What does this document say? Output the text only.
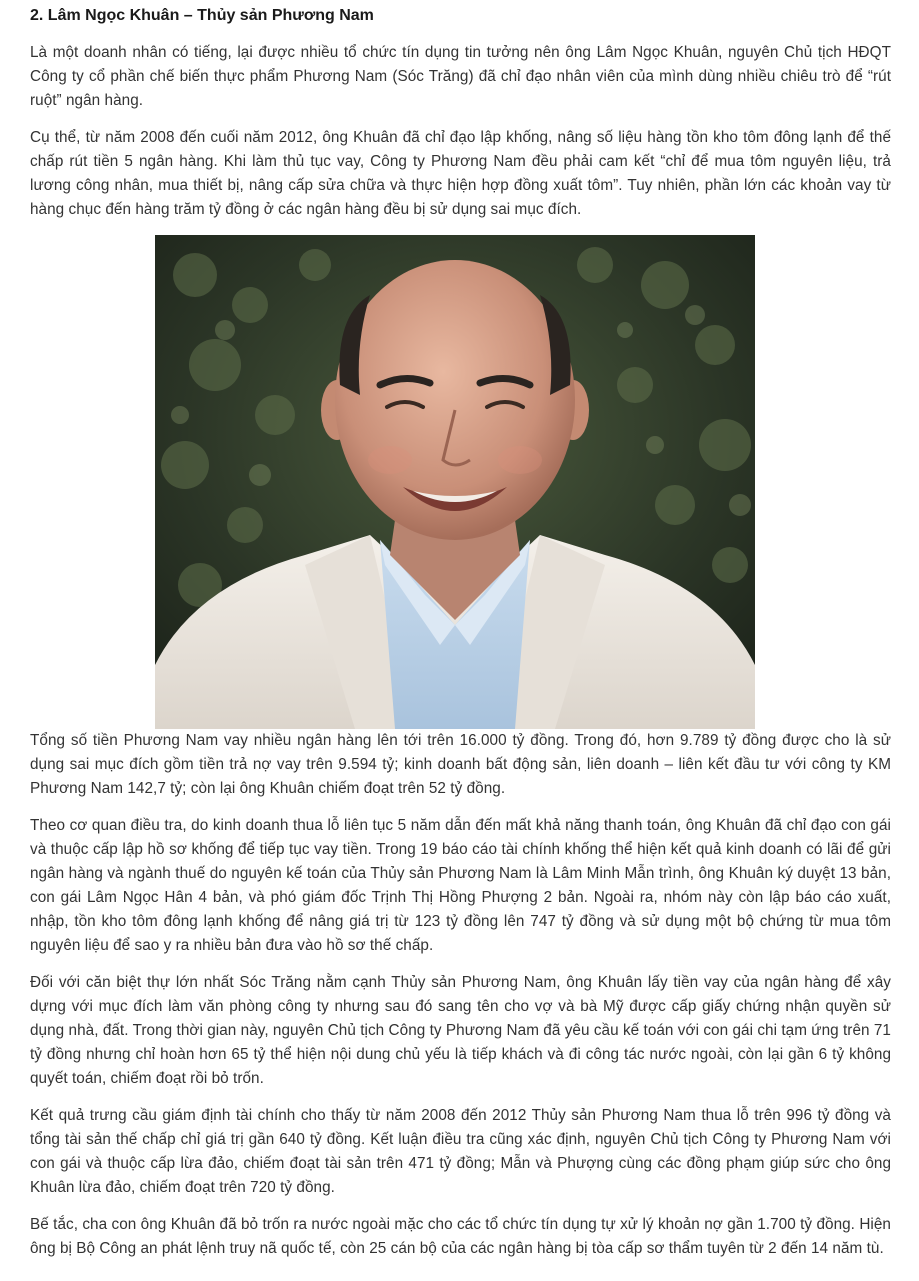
2. Lâm Ngọc Khuân – Thủy sản Phương Nam

Là một doanh nhân có tiếng, lại được nhiều tổ chức tín dụng tin tưởng nên ông Lâm Ngọc Khuân, nguyên Chủ tịch HĐQT Công ty cổ phần chế biến thực phẩm Phương Nam (Sóc Trăng) đã chỉ đạo nhân viên của mình dùng nhiều chiêu trò để “rút ruột” ngân hàng.

Cụ thể, từ năm 2008 đến cuối năm 2012, ông Khuân đã chỉ đạo lập khống, nâng số liệu hàng tồn kho tôm đông lạnh để thế chấp rút tiền 5 ngân hàng. Khi làm thủ tục vay, Công ty Phương Nam đều phải cam kết “chỉ để mua tôm nguyên liệu, trả lương công nhân, mua thiết bị, nâng cấp sửa chữa và thực hiện hợp đồng xuất tôm”. Tuy nhiên, phần lớn các khoản vay từ hàng chục đến hàng trăm tỷ đồng ở các ngân hàng đều bị sử dụng sai mục đích.

Tổng số tiền Phương Nam vay nhiều ngân hàng lên tới trên 16.000 tỷ đồng. Trong đó, hơn 9.789 tỷ đồng được cho là sử dụng sai mục đích gồm tiền trả nợ vay trên 9.594 tỷ; kinh doanh bất động sản, liên doanh – liên kết đầu tư với công ty KM Phương Nam 142,7 tỷ; còn lại ông Khuân chiếm đoạt trên 52 tỷ đồng.

Theo cơ quan điều tra, do kinh doanh thua lỗ liên tục 5 năm dẫn đến mất khả năng thanh toán, ông Khuân đã chỉ đạo con gái và thuộc cấp lập hồ sơ khống để tiếp tục vay tiền. Trong 19 báo cáo tài chính khống thể hiện kết quả kinh doanh có lãi để gửi ngân hàng và ngành thuế do nguyên kế toán của Thủy sản Phương Nam là Lâm Minh Mẫn trình, ông Khuân ký duyệt 13 bản, con gái Lâm Ngọc Hân 4 bản, và phó giám đốc Trịnh Thị Hồng Phượng 2 bản. Ngoài ra, nhóm này còn lập báo cáo xuất, nhập, tồn kho tôm đông lạnh khống để nâng giá trị từ 123 tỷ đồng lên 747 tỷ đồng và sử dụng một bộ chứng từ mua tôm nguyên liệu để sao y ra nhiều bản đưa vào hồ sơ thế chấp.

Đối với căn biệt thự lớn nhất Sóc Trăng nằm cạnh Thủy sản Phương Nam, ông Khuân lấy tiền vay của ngân hàng để xây dựng với mục đích làm văn phòng công ty nhưng sau đó sang tên cho vợ và bà Mỹ được cấp giấy chứng nhận quyền sử dụng nhà, đất. Trong thời gian này, nguyên Chủ tịch Công ty Phương Nam đã yêu cầu kế toán với con gái chi tạm ứng trên 71 tỷ đồng nhưng chỉ hoàn hơn 65 tỷ thể hiện nội dung chủ yếu là tiếp khách và đi công tác nước ngoài, còn lại gần 6 tỷ không quyết toán, chiếm đoạt rồi bỏ trốn.

Kết quả trưng cầu giám định tài chính cho thấy từ năm 2008 đến 2012 Thủy sản Phương Nam thua lỗ trên 996 tỷ đồng và tổng tài sản thế chấp chỉ giá trị gần 640 tỷ đồng. Kết luận điều tra cũng xác định, nguyên Chủ tịch Công ty Phương Nam với con gái và thuộc cấp lừa đảo, chiếm đoạt tài sản trên 471 tỷ đồng; Mẫn và Phượng cùng các đồng phạm giúp sức cho ông Khuân lừa đảo, chiếm đoạt trên 720 tỷ đồng.

Bế tắc, cha con ông Khuân đã bỏ trốn ra nước ngoài mặc cho các tổ chức tín dụng tự xử lý khoản nợ gần 1.700 tỷ đồng. Hiện ông bị Bộ Công an phát lệnh truy nã quốc tế, còn 25 cán bộ của các ngân hàng bị tòa cấp sơ thẩm tuyên từ 2 đến 14 năm tù.
